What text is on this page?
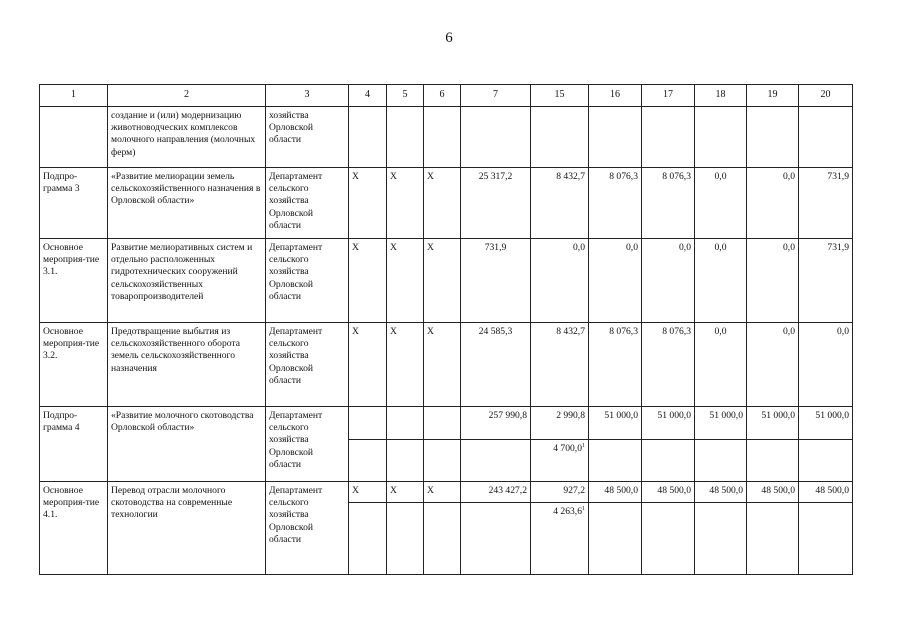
6
1	2	3	4	5	6	7	15	16	17	18	19	20
	создание и (или) модернизацию животноводческих комплексов молочного направления (молочных ферм)	хозяйства Орловской области										
Подпро-грамма 3	«Развитие мелиорации земель сельскохозяйственного назначения в Орловской области»	Департамент сельского хозяйства Орловской области	X	X	X	25 317,2	8 432,7	8 076,3	8 076,3	0,0	0,0	731,9
Основное мероприя-тие 3.1.	Развитие мелиоративных систем и отдельно расположенных гидротехнических сооружений сельскохозяйственных товаропроизводителей	Департамент сельского хозяйства Орловской области	X	X	X	731,9	0,0	0,0	0,0	0,0	0,0	731,9
Основное мероприя-тие 3.2.	Предотвращение выбытия из сельскохозяйственного оборота земель сельскохозяйственного назначения	Департамент сельского хозяйства Орловской области	X	X	X	24 585,3	8 432,7	8 076,3	8 076,3	0,0	0,0	0,0
Подпро-грамма 4	«Развитие молочного скотоводства Орловской области»	Департамент сельского хозяйства Орловской области				257 990,8	2 990,8	51 000,0	51 000,0	51 000,0	51 000,0	51 000,0
							4 700,0$^1$					
Основное мероприя-тие 4.1.	Перевод отрасли молочного скотоводства на современные технологии	Департамент сельского хозяйства Орловской области	X	X	X	243 427,2	927,2	48 500,0	48 500,0	48 500,0	48 500,0	48 500,0
							4 263,6$^1$					
